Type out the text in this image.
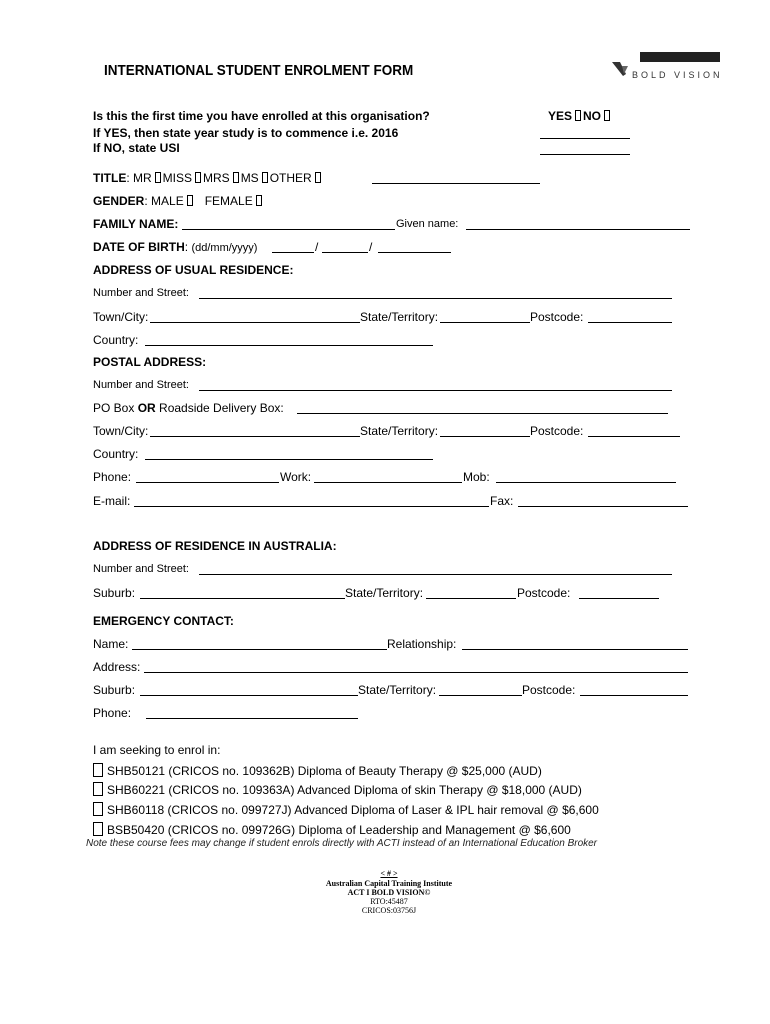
INTERNATIONAL STUDENT ENROLMENT FORM	BOLD VISION
Is this the first time you have enrolled at this organisation?	YES NO
If YES, then state year study is to commence i.e. 2016
If NO, state USI
TITLE: MR MISS MRS MS OTHER
GENDER: MALE FEMALE
FAMILY NAME:	Given name:
DATE OF BIRTH: (dd/mm/yyyy)	/	/
ADDRESS OF USUAL RESIDENCE:
Number and Street:
Town/City:	State/Territory:	Postcode:
Country:
POSTAL ADDRESS:
Number and Street:
PO Box OR Roadside Delivery Box:
Town/City:	State/Territory:	Postcode:
Country:
Phone:	Work:	Mob:
E-mail:	Fax:
ADDRESS OF RESIDENCE IN AUSTRALIA:
Number and Street:
Suburb:	State/Territory:	Postcode:
EMERGENCY CONTACT:
Name:	Relationship:
Address:
Suburb:	State/Territory:	Postcode:
Phone:
I am seeking to enrol in:
SHB50121 (CRICOS no. 109362B) Diploma of Beauty Therapy @ $25,000 (AUD)
SHB60221 (CRICOS no. 109363A) Advanced Diploma of skin Therapy @ $18,000 (AUD)
SHB60118 (CRICOS no. 099727J) Advanced Diploma of Laser & IPL hair removal @ $6,600
BSB50420 (CRICOS no. 099726G) Diploma of Leadership and Management @ $6,600
Note these course fees may change if student enrols directly with ACTI instead of an International Education Broker
< # >
Australian Capital Training Institute
ACT I BOLD VISION©
RTO:45487
CRICOS:03756J
